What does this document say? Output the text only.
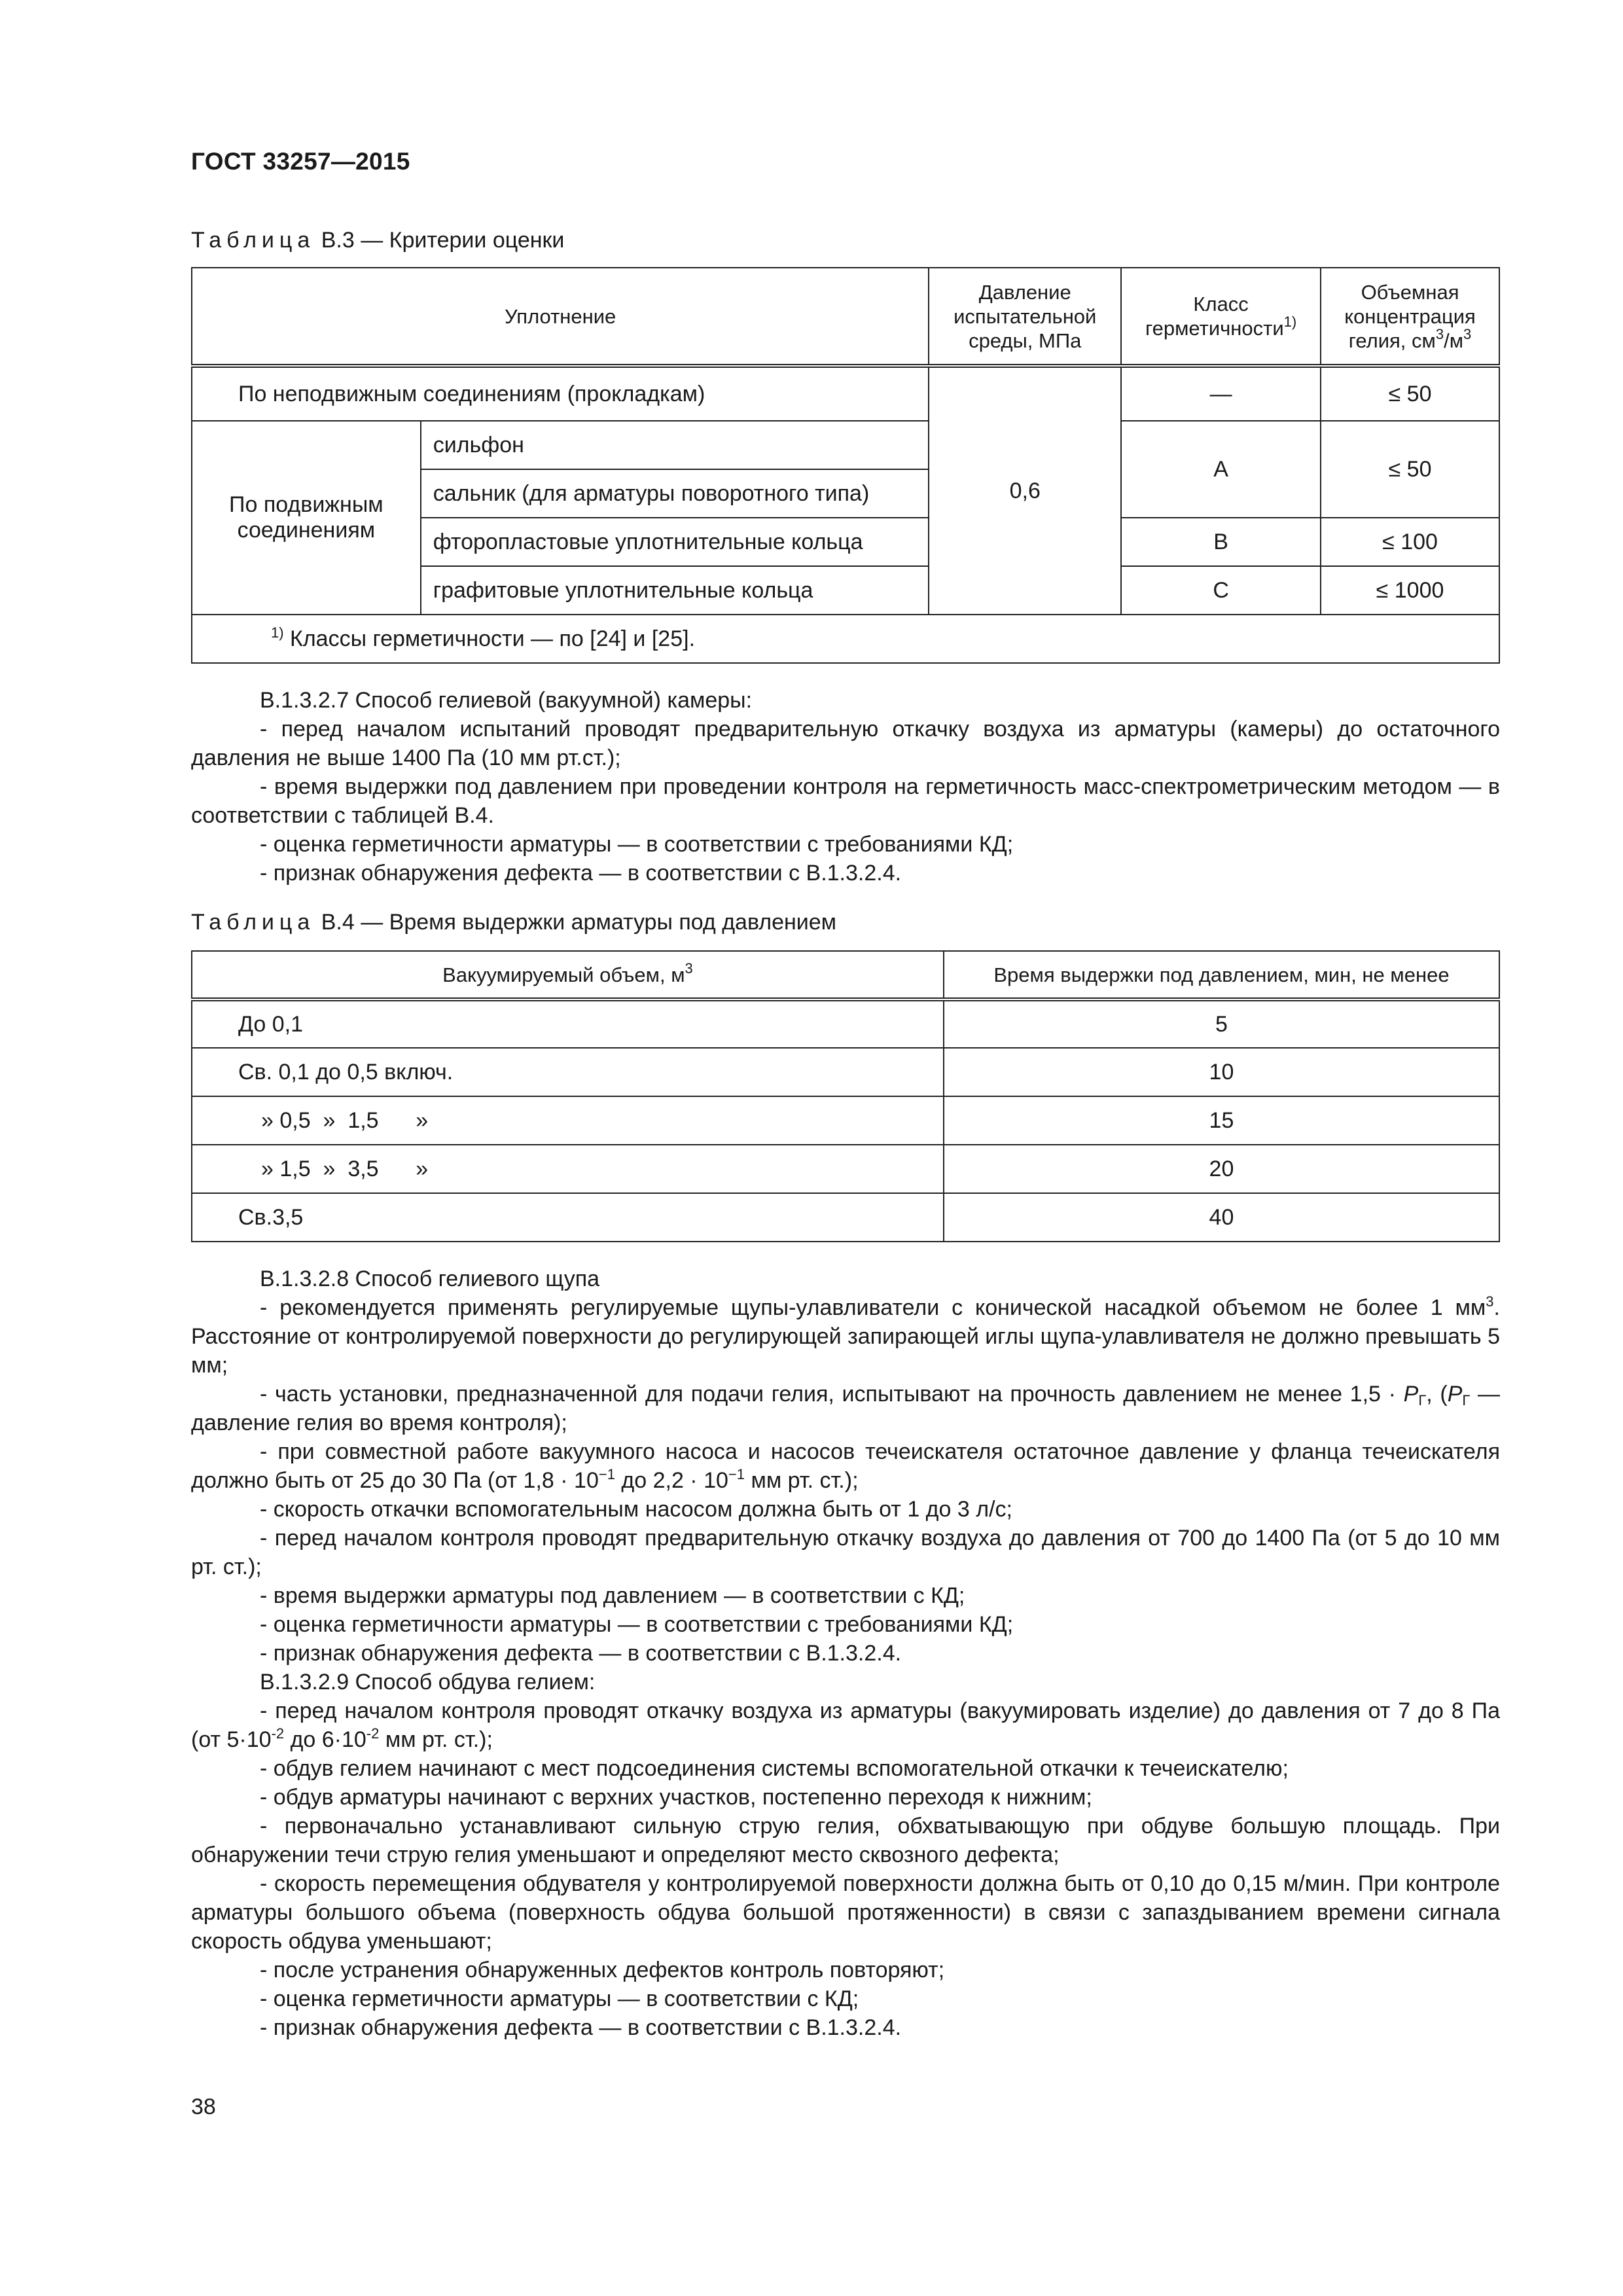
ГОСТ 33257—2015
Таблица В.3 — Критерии оценки
Уплотнение		Давление испытательной среды, МПа	Класс герметичности$^{1)}$	Объемная концентрация гелия, $см^3/м^3$
По неподвижным соединениям (прокладкам)		0,6	—	≤ 50
По подвижным соединениям	сильфон		А	≤ 50
	сальник (для арматуры поворотного типа)			
	фторопластовые уплотнительные кольца		В	≤ 100
	графитовые уплотнительные кольца		С	≤ 1000
$^{1)}$ Классы герметичности — по [24] и [25].				

В.1.3.2.7 Способ гелиевой (вакуумной) камеры:

- перед началом испытаний проводят предварительную откачку воздуха из арматуры (камеры) до остаточного давления не выше 1400 Па (10 мм рт.ст.);

- время выдержки под давлением при проведении контроля на герметичность масс-спектрометрическим методом — в соответствии с таблицей В.4.

- оценка герметичности арматуры — в соответствии с требованиями КД;

- признак обнаружения дефекта — в соответствии с В.1.3.2.4.

Таблица В.4 — Время выдержки арматуры под давлением
Вакуумируемый объем, $м^3$	Время выдержки под давлением, мин, не менее
До 0,1	5
Св. 0,1 до 0,5 включ.	10
» 0,5  »  1,5      »	15
» 1,5  »  3,5      »	20
Св.3,5	40

В.1.3.2.8 Способ гелиевого щупа

- рекомендуется применять регулируемые щупы-улавливатели с конической насадкой объемом не более 1 $мм^3$. Расстояние от контролируемой поверхности до регулирующей запирающей иглы щупа-улавливателя не должно превышать 5 мм;

- часть установки, предназначенной для подачи гелия, испытывают на прочность давлением не менее $1,5 \cdot P_Г$, ($P_Г$ — давление гелия во время контроля);

- при совместной работе вакуумного насоса и насосов течеискателя остаточное давление у фланца течеискателя должно быть от 25 до 30 Па (от $1,8 \cdot 10^{-1}$ до $2,2 \cdot 10^{-1}$ мм рт. ст.);

- скорость откачки вспомогательным насосом должна быть от 1 до 3 л/с;

- перед началом контроля проводят предварительную откачку воздуха до давления от 700 до 1400 Па (от 5 до 10 мм рт. ст.);

- время выдержки арматуры под давлением — в соответствии с КД;

- оценка герметичности арматуры — в соответствии с требованиями КД;

- признак обнаружения дефекта — в соответствии с В.1.3.2.4.

В.1.3.2.9 Способ обдува гелием:

- перед началом контроля проводят откачку воздуха из арматуры (вакуумировать изделие) до давления от 7 до 8 Па (от $5\cdot 10^{-2}$ до $6\cdot 10^{-2}$ мм рт. ст.);

- обдув гелием начинают с мест подсоединения системы вспомогательной откачки к течеискателю;

- обдув арматуры начинают с верхних участков, постепенно переходя к нижним;

- первоначально устанавливают сильную струю гелия, обхватывающую при обдуве большую площадь. При обнаружении течи струю гелия уменьшают и определяют место сквозного дефекта;

- скорость перемещения обдувателя у контролируемой поверхности должна быть от 0,10 до 0,15 м/мин. При контроле арматуры большого объема (поверхность обдува большой протяженности) в связи с запаздыванием времени сигнала скорость обдува уменьшают;

- после устранения обнаруженных дефектов контроль повторяют;

- оценка герметичности арматуры — в соответствии с КД;

- признак обнаружения дефекта — в соответствии с В.1.3.2.4.

38
